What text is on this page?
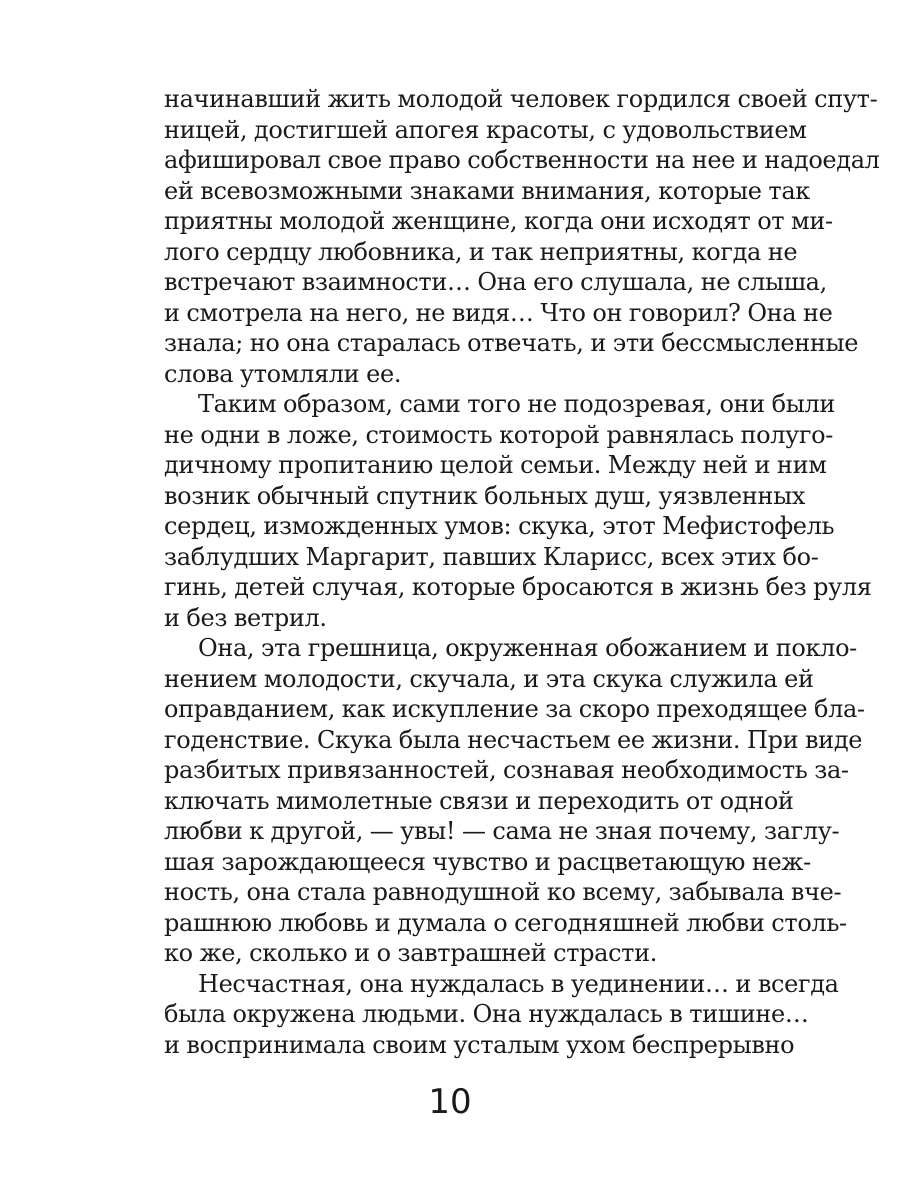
начинавший жить молодой человек гордился своей спут-
ницей, достигшей апогея красоты, с удовольствием
афишировал свое право собственности на нее и надоедал
ей всевозможными знаками внимания, которые так
приятны молодой женщине, когда они исходят от ми-
лого сердцу любовника, и так неприятны, когда не
встречают взаимности… Она его слушала, не слыша,
и смотрела на него, не видя… Что он говорил? Она не
знала; но она старалась отвечать, и эти бессмысленные
слова утомляли ее.
Таким образом, сами того не подозревая, они были
не одни в ложе, стоимость которой равнялась полуго-
дичному пропитанию целой семьи. Между ней и ним
возник обычный спутник больных душ, уязвленных
сердец, изможденных умов: скука, этот Мефистофель
заблудших Маргарит, павших Кларисс, всех этих бо-
гинь, детей случая, которые бросаются в жизнь без руля
и без ветрил.
Она, эта грешница, окруженная обожанием и покло-
нением молодости, скучала, и эта скука служила ей
оправданием, как искупление за скоро преходящее бла-
годенствие. Скука была несчастьем ее жизни. При виде
разбитых привязанностей, сознавая необходимость за-
ключать мимолетные связи и переходить от одной
любви к другой, — увы! — сама не зная почему, заглу-
шая зарождающееся чувство и расцветающую неж-
ность, она стала равнодушной ко всему, забывала вче-
рашнюю любовь и думала о сегодняшней любви столь-
ко же, сколько и о завтрашней страсти.
Несчастная, она нуждалась в уединении… и всегда
была окружена людьми. Она нуждалась в тишине…
и воспринимала своим усталым ухом беспрерывно
10
